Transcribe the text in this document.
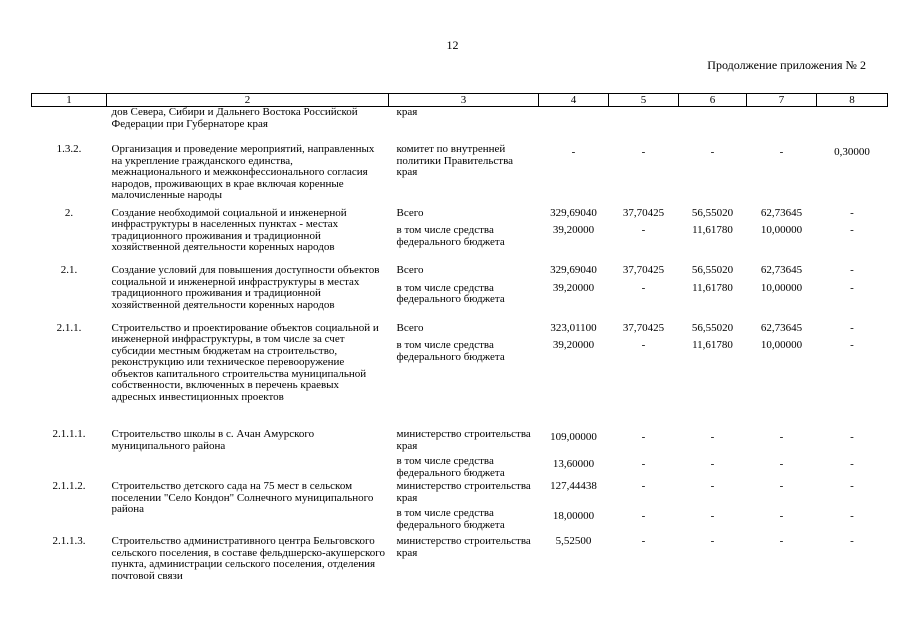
12
Продолжение приложения № 2
1	2	3	4	5	6	7	8
	дов Севера, Сибири и Дальнего Востока Российской Федерации при Губернаторе края	края					
1.3.2.	Организация и проведение мероприятий, направленных на укрепление гражданского единства, межнационального и межконфессионального согласия народов, проживающих в крае включая коренные малочисленные народы	комитет по внутренней политики Правительства края	-	-	-	-	0,30000
2.	Создание необходимой социальной и инженерной инфраструктуры в населенных пунктах - местах традиционного проживания и традиционной хозяйственной деятельности коренных народов	Всего	329,69040	37,70425	56,55020	62,73645	-
		в том числе средства федерального бюджета	39,20000	-	11,61780	10,00000	-
2.1.	Создание условий для повышения доступности объектов социальной и инженерной инфраструктуры в местах традиционного проживания и традиционной хозяйственной деятельности коренных народов	Всего	329,69040	37,70425	56,55020	62,73645	-
		в том числе средства федерального бюджета	39,20000	-	11,61780	10,00000	-
2.1.1.	Строительство и проектирование объектов социальной и инженерной инфраструктуры, в том числе за счет субсидии местным бюджетам на строительство, реконструкцию или техническое перевооружение объектов капитального строительства муниципальной собственности, включенных в перечень краевых адресных инвестиционных проектов	Всего	323,01100	37,70425	56,55020	62,73645	-
		в том числе средства федерального бюджета	39,20000	-	11,61780	10,00000	-
2.1.1.1.	Строительство школы в с. Ачан Амурского муниципального района	министерство строительства края	109,00000	-	-	-	-
		в том числе средства федерального бюджета	13,60000	-	-	-	-
2.1.1.2.	Строительство детского сада на 75 мест в сельском поселении "Село Кондон" Солнечного муниципального района	министерство строительства края	127,44438	-	-	-	-
		в том числе средства федерального бюджета	18,00000	-	-	-	-
2.1.1.3.	Строительство административного центра Бельговского сельского поселения, в составе фельдшерско-акушерского пункта, администрации сельского поселения, отделения почтовой связи	министерство строительства края	5,52500	-	-	-	-
